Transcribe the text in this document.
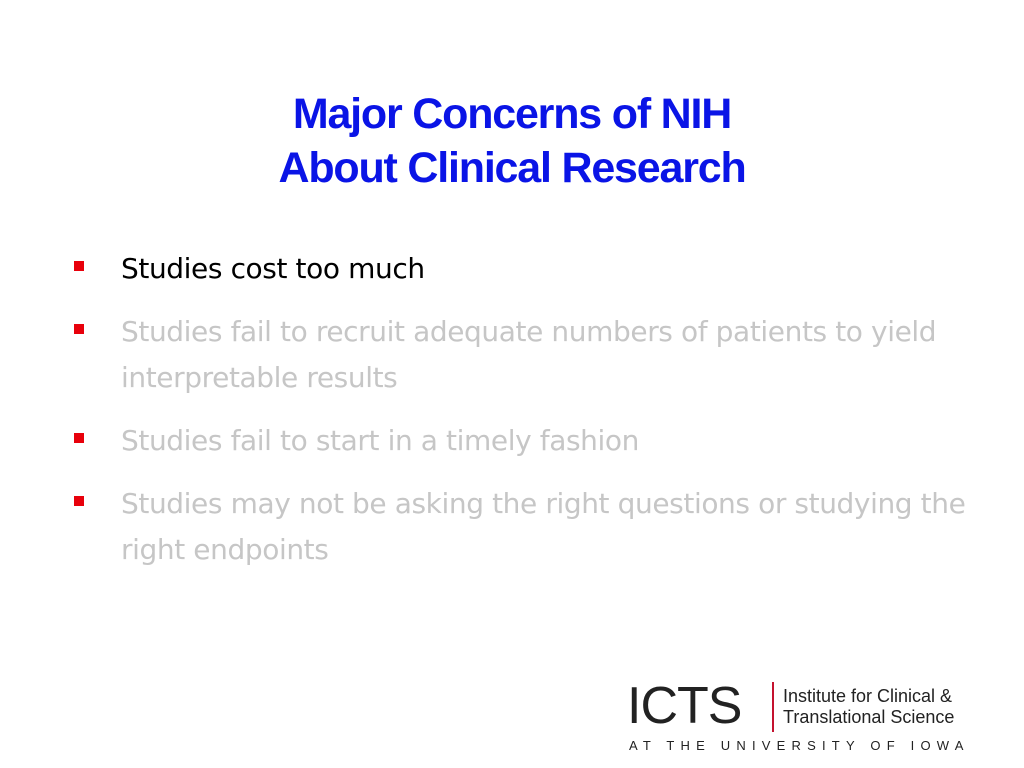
Major Concerns of NIH
About Clinical Research
Studies cost too much
Studies fail to recruit adequate numbers of patients to yield interpretable results
Studies fail to start in a timely fashion
Studies may not be asking the right questions or studying the right endpoints
ICTS Institute for Clinical &
Translational Science
AT THE UNIVERSITY OF IOWA
